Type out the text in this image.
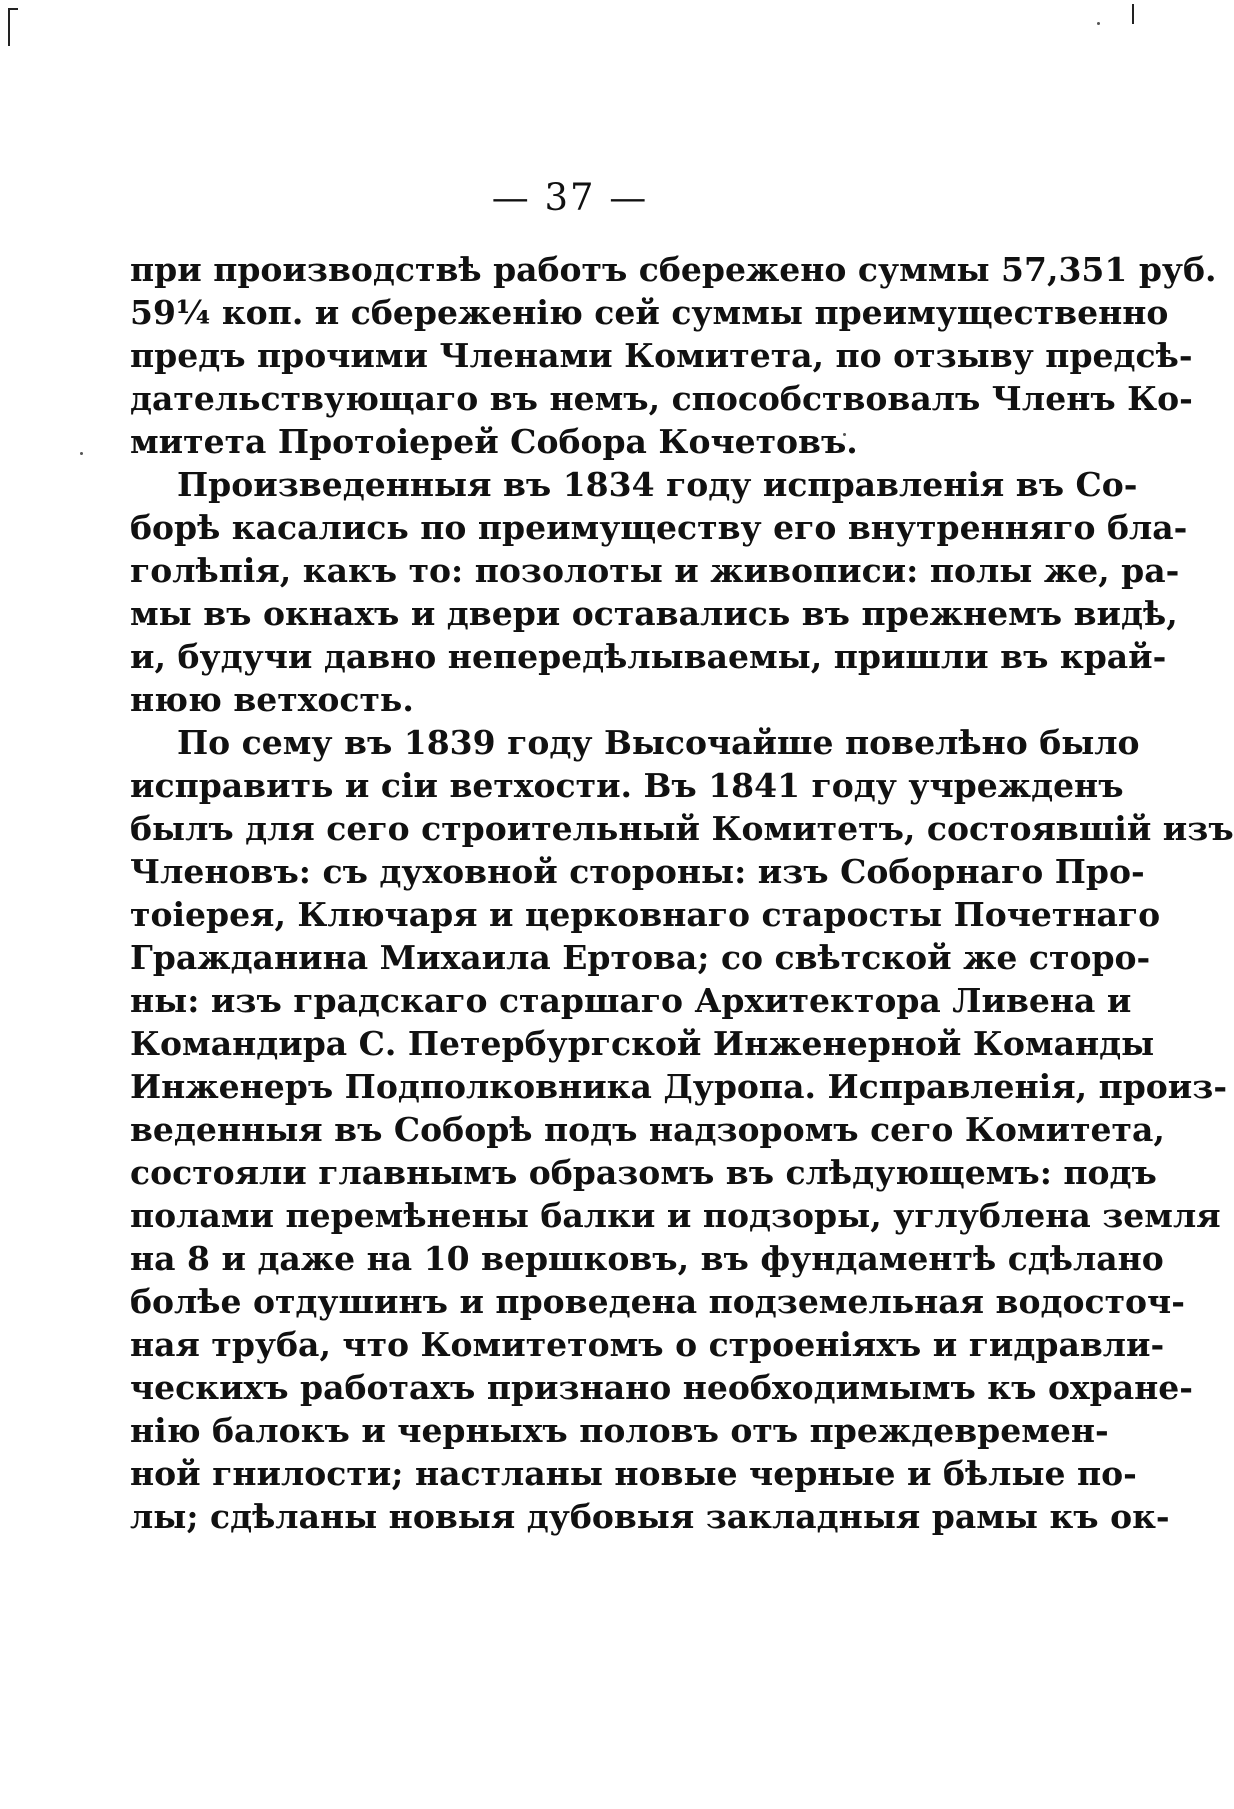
— 37 —
при производствѣ работъ сбережено суммы 57,351 руб.
59¼ коп. и сбереженію сей суммы преимущественно
предъ прочими Членами Комитета, по отзыву предсѣ-
дательствующаго въ немъ, способствовалъ Членъ Ко-
митета Протоіерей Собора Кочетовъ.
Произведенныя въ 1834 году исправленія въ Со-
борѣ касались по преимуществу его внутренняго бла-
голѣпія, какъ то: позолоты и живописи: полы же, ра-
мы въ окнахъ и двери оставались въ прежнемъ видѣ,
и, будучи давно непередѣлываемы, пришли въ край-
нюю ветхость.
По сему въ 1839 году Высочайше повелѣно было
исправить и сіи ветхости. Въ 1841 году учрежденъ
былъ для сего строительный Комитетъ, состоявшій изъ
Членовъ: съ духовной стороны: изъ Соборнаго Про-
тоіерея, Ключаря и церковнаго старосты Почетнаго
Гражданина Михаила Ертова; со свѣтской же сторо-
ны: изъ градскаго старшаго Архитектора Ливена и
Командира С. Петербургской Инженерной Команды
Инженеръ Подполковника Дуропа. Исправленія, произ-
веденныя въ Соборѣ подъ надзоромъ сего Комитета,
состояли главнымъ образомъ въ слѣдующемъ: подъ
полами перемѣнены балки и подзоры, углублена земля
на 8 и даже на 10 вершковъ, въ фундаментѣ сдѣлано
болѣе отдушинъ и проведена подземельная водосточ-
ная труба, что Комитетомъ о строеніяхъ и гидравли-
ческихъ работахъ признано необходимымъ къ охране-
нію балокъ и черныхъ половъ отъ преждевремен-
ной гнилости; настланы новые черные и бѣлые по-
лы; сдѣланы новыя дубовыя закладныя рамы къ ок-
